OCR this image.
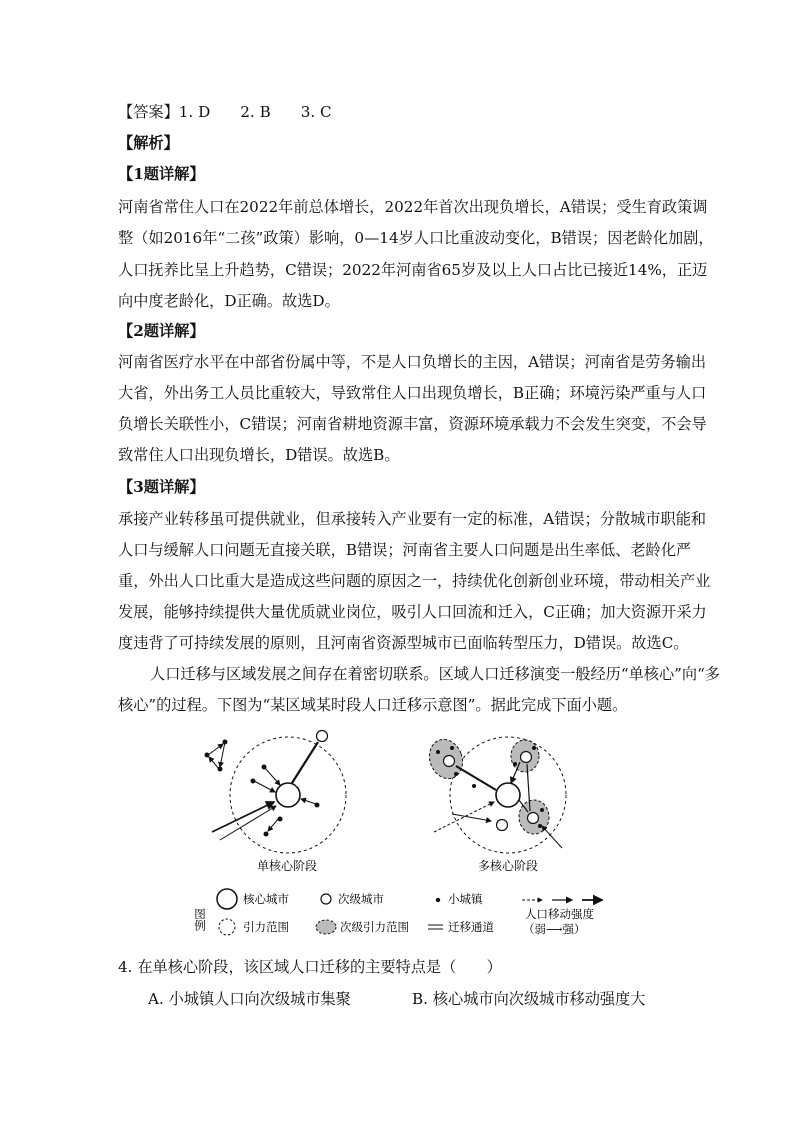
【答案】1. D 2. B 3. C
【解析】
【1题详解】
河南省常住人口在2022年前总体增长，2022年首次出现负增长，A错误；受生育政策调
整（如2016年“二孩”政策）影响，0—14岁人口比重波动变化，B错误；因老龄化加剧，
人口抚养比呈上升趋势，C错误；2022年河南省65岁及以上人口占比已接近14%，正迈
向中度老龄化，D正确。故选D。
【2题详解】
河南省医疗水平在中部省份属中等，不是人口负增长的主因，A错误；河南省是劳务输出
大省，外出务工人员比重较大，导致常住人口出现负增长，B正确；环境污染严重与人口
负增长关联性小，C错误；河南省耕地资源丰富，资源环境承载力不会发生突变，不会导
致常住人口出现负增长，D错误。故选B。
【3题详解】
承接产业转移虽可提供就业，但承接转入产业要有一定的标准，A错误；分散城市职能和
人口与缓解人口问题无直接关联，B错误；河南省主要人口问题是出生率低、老龄化严
重，外出人口比重大是造成这些问题的原因之一，持续优化创新创业环境，带动相关产业
发展，能够持续提供大量优质就业岗位，吸引人口回流和迁入，C正确；加大资源开采力
度违背了可持续发展的原则，且河南省资源型城市已面临转型压力，D错误。故选C。
人口迁移与区域发展之间存在着密切联系。区域人口迁移演变一般经历“单核心”向“多
核心”的过程。下图为“某区域某时段人口迁移示意图”。据此完成下面小题。
单核心阶段	多核心阶段
图例
核心城市	次级城市	小城镇
人口移动强度
（弱⟶强）
引力范围	次级引力范围	迁移通道
4. 在单核心阶段，该区域人口迁移的主要特点是（　　）
A. 小城镇人口向次级城市集聚	B. 核心城市向次级城市移动强度大
